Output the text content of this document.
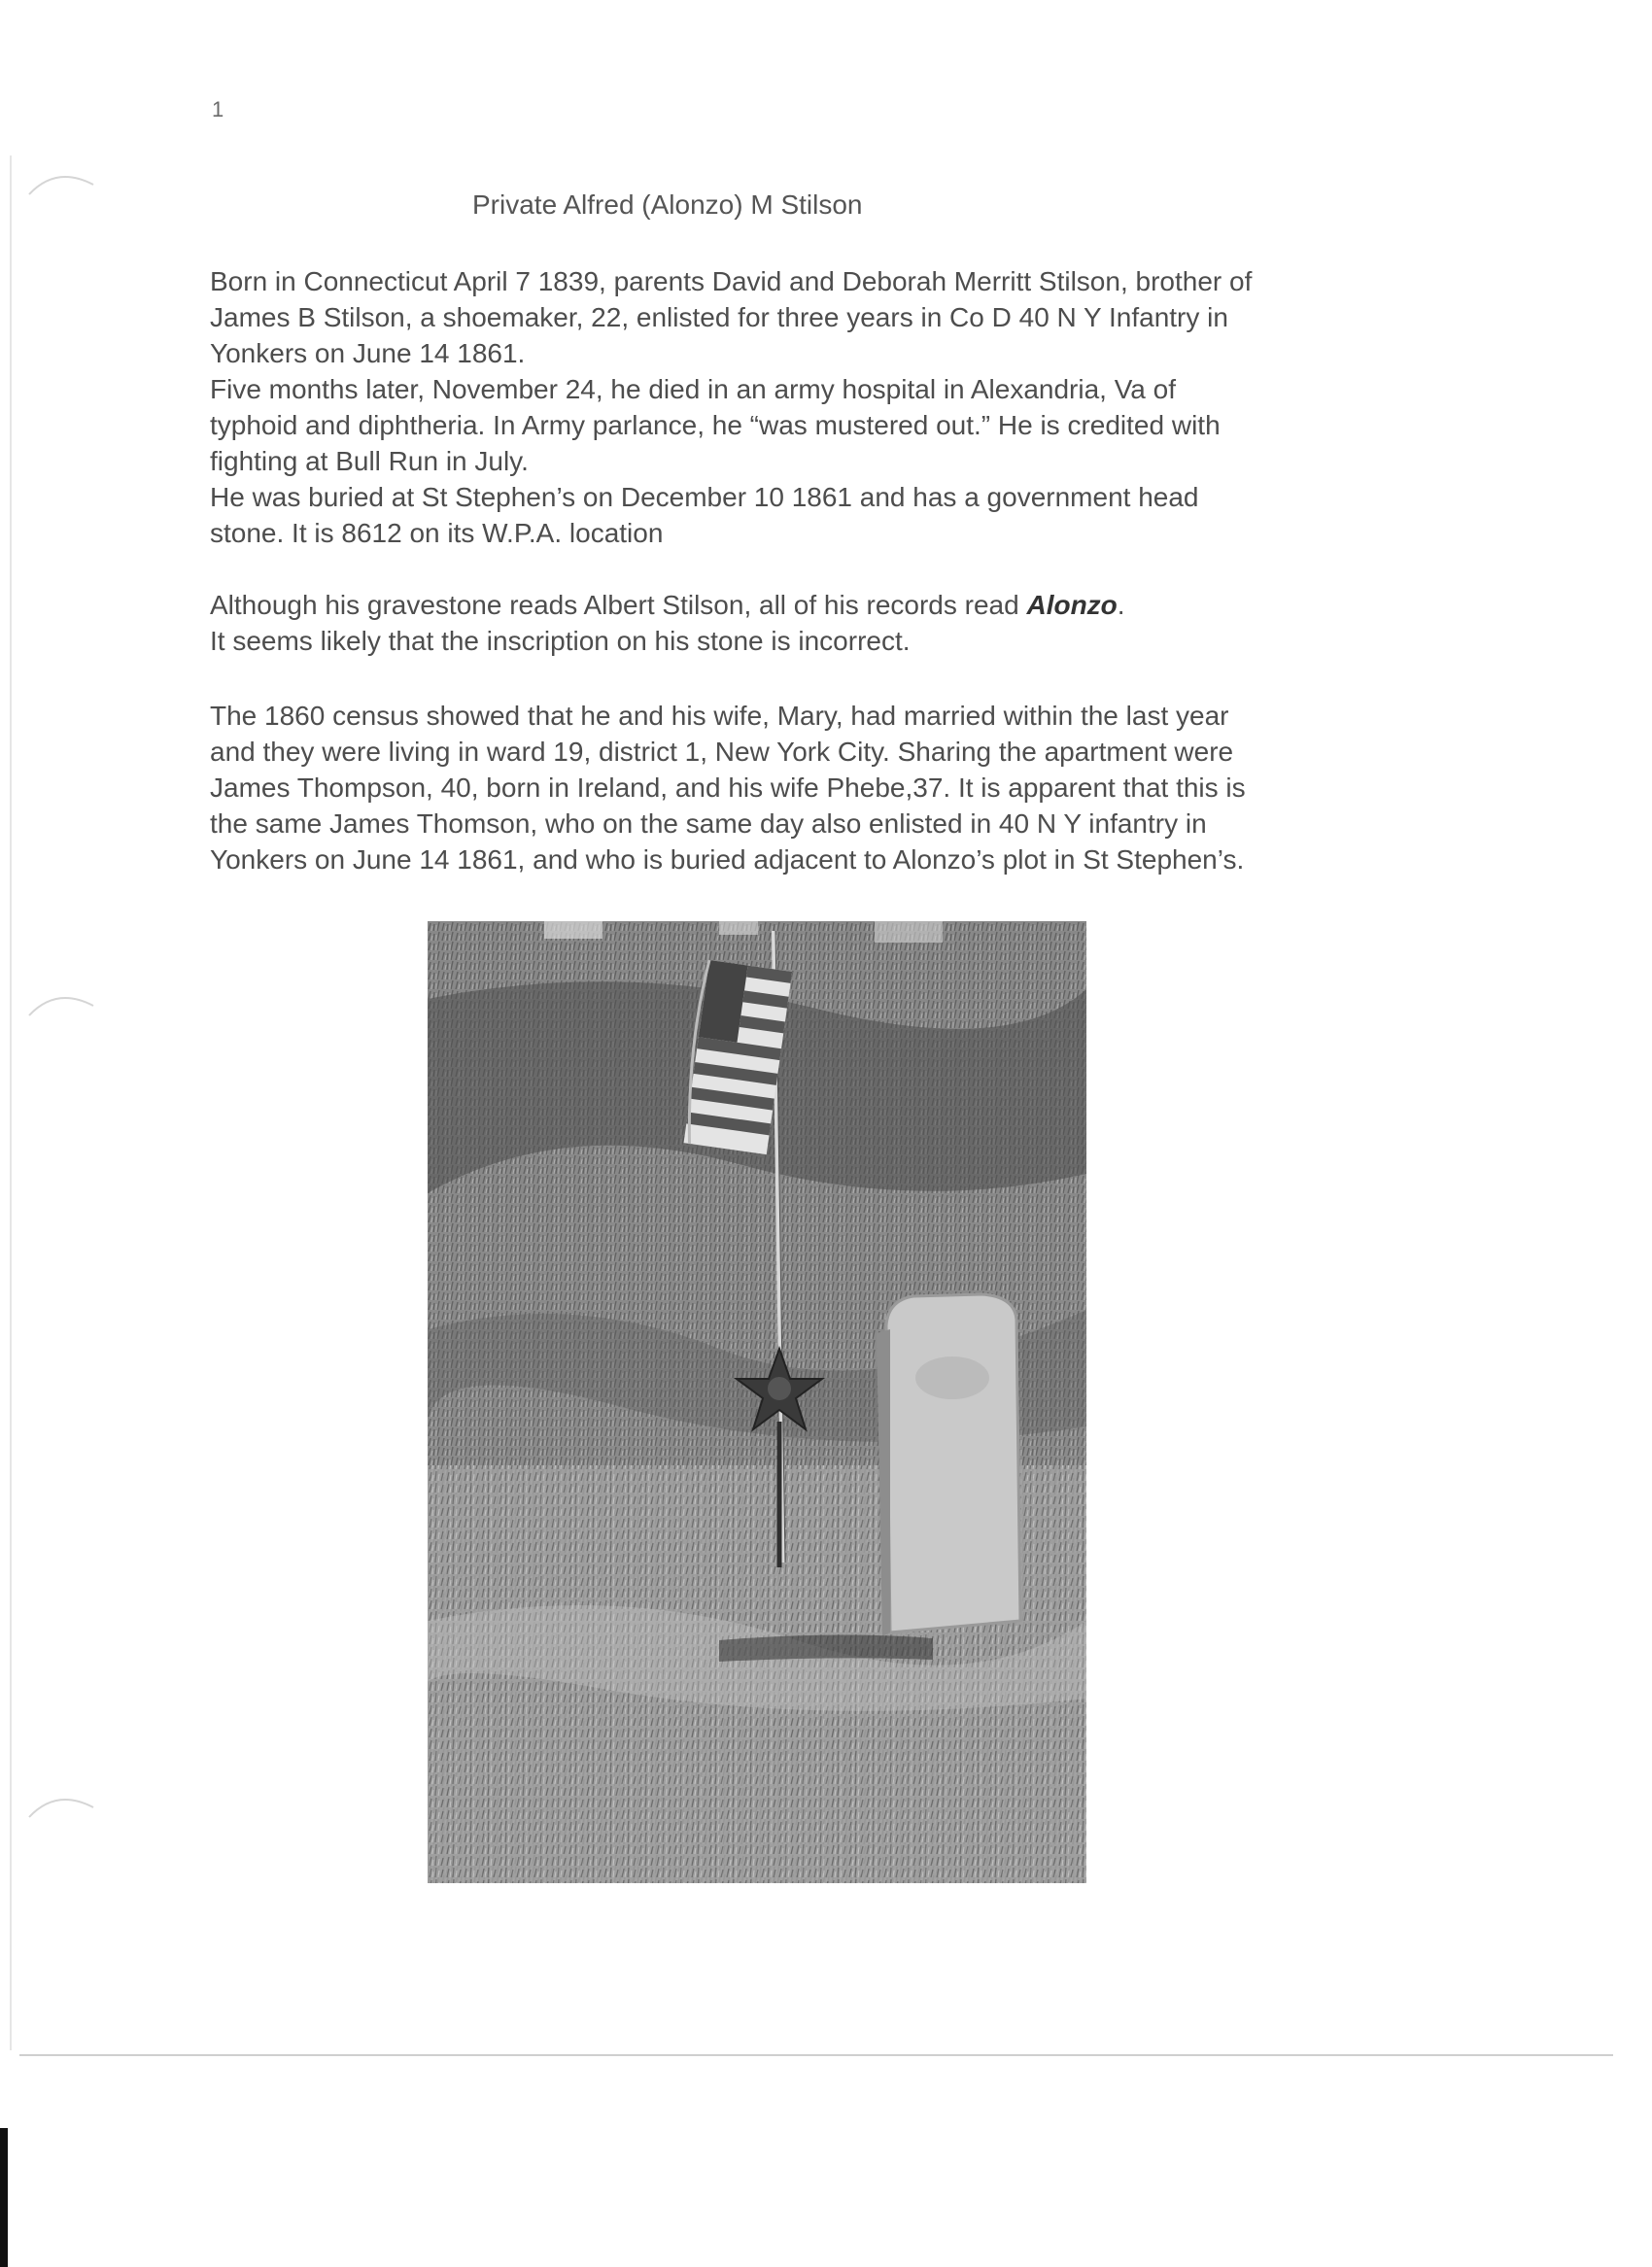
1
Private Alfred (Alonzo) M Stilson
Born in Connecticut April 7 1839, parents David and Deborah Merritt Stilson, brother of
James B Stilson, a shoemaker, 22, enlisted for three years in Co D 40 N Y Infantry in
Yonkers on June 14 1861.
Five months later, November 24, he died in an army hospital in Alexandria, Va of
typhoid and diphtheria. In Army parlance, he “was mustered out.” He is credited with
fighting at Bull Run in July.
He was buried at St Stephen’s on December 10 1861 and has a government head
stone. It is 8612 on its W.P.A. location
Although his gravestone reads Albert Stilson, all of his records read Alonzo.
It seems likely that the inscription on his stone is incorrect.
The 1860 census showed that he and his wife, Mary, had married within the last year
and they were living in ward 19, district 1, New York City. Sharing the apartment were
James Thompson, 40, born in Ireland, and his wife Phebe,37. It is apparent that this is
the same James Thomson, who on the same day also enlisted in 40 N Y infantry in
Yonkers on June 14 1861, and who is buried adjacent to Alonzo’s plot in St Stephen’s.
